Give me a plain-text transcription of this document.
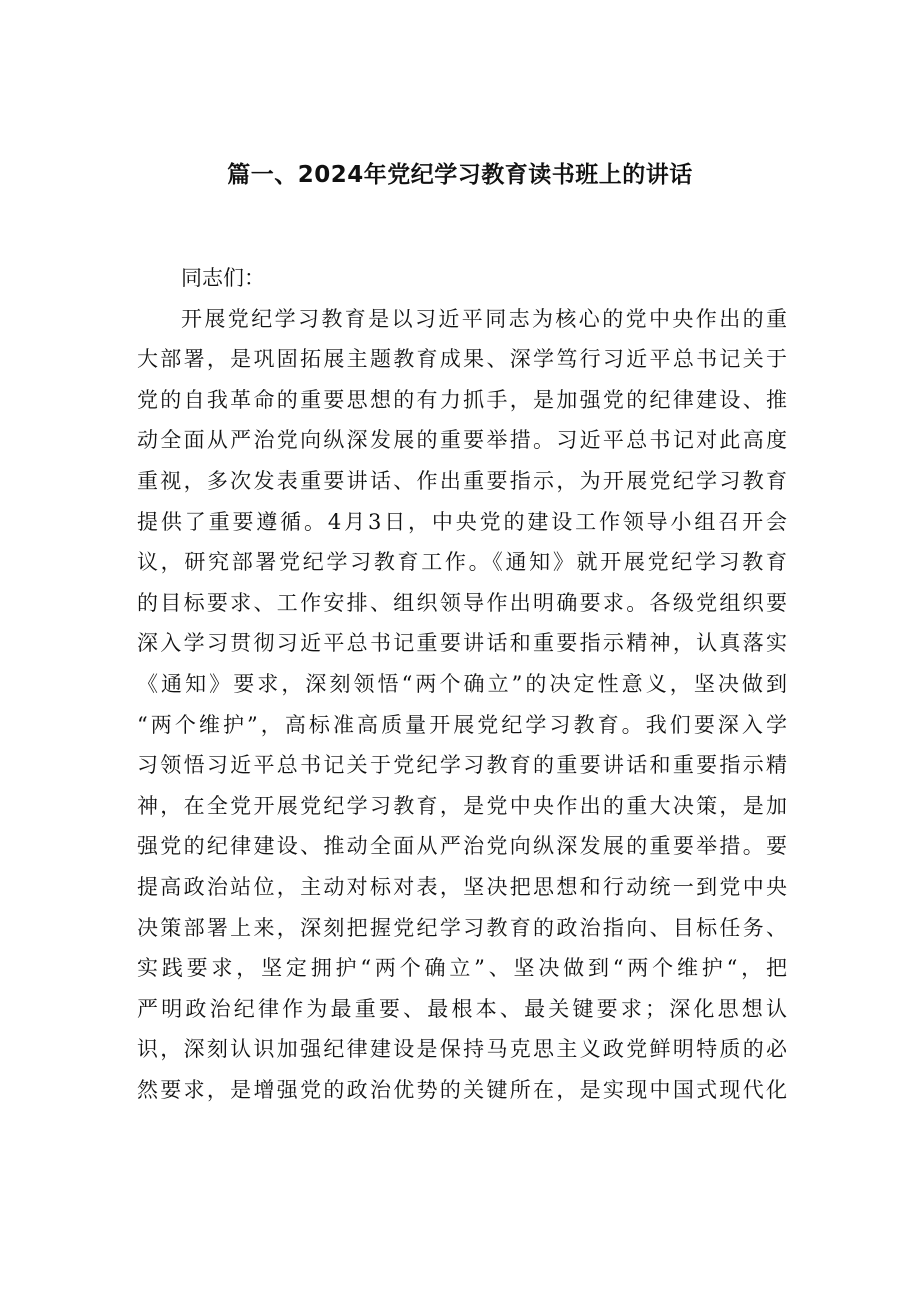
篇一、2024年党纪学习教育读书班上的讲话
同志们：
开展党纪学习教育是以习近平同志为核心的党中央作出的重
大部署，是巩固拓展主题教育成果、深学笃行习近平总书记关于
党的自我革命的重要思想的有力抓手，是加强党的纪律建设、推
动全面从严治党向纵深发展的重要举措。习近平总书记对此高度
重视，多次发表重要讲话、作出重要指示，为开展党纪学习教育
提供了重要遵循。4月3日，中央党的建设工作领导小组召开会
议，研究部署党纪学习教育工作。《通知》就开展党纪学习教育
的目标要求、工作安排、组织领导作出明确要求。各级党组织要
深入学习贯彻习近平总书记重要讲话和重要指示精神，认真落实
《通知》要求，深刻领悟“两个确立”的决定性意义，坚决做到
“两个维护”，高标准高质量开展党纪学习教育。我们要深入学
习领悟习近平总书记关于党纪学习教育的重要讲话和重要指示精
神，在全党开展党纪学习教育，是党中央作出的重大决策，是加
强党的纪律建设、推动全面从严治党向纵深发展的重要举措。要
提高政治站位，主动对标对表，坚决把思想和行动统一到党中央
决策部署上来，深刻把握党纪学习教育的政治指向、目标任务、
实践要求，坚定拥护“两个确立”、坚决做到“两个维护“，把
严明政治纪律作为最重要、最根本、最关键要求；深化思想认
识，深刻认识加强纪律建设是保持马克思主义政党鲜明特质的必
然要求，是增强党的政治优势的关键所在，是实现中国式现代化
